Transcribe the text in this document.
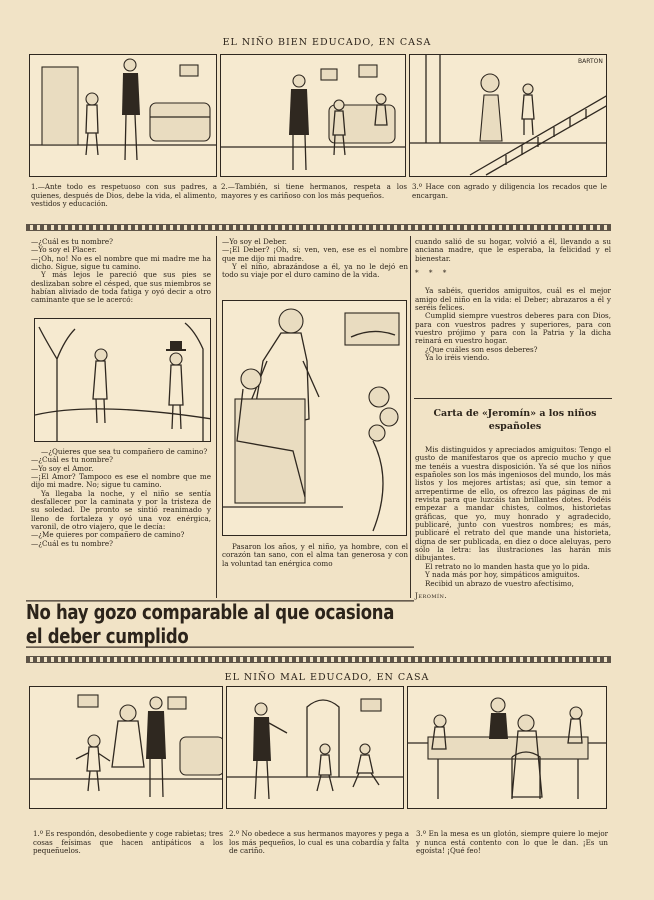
EL NIÑO BIEN EDUCADO, EN CASA
BARTON
1.—Ante todo es respetuoso con sus padres, a quienes, después de Dios, debe la vida, el alimento, vestidos y educación.
2.—También, si tiene hermanos, respeta a los mayores y es cariñoso con los más pequeños.
3.º Hace con agrado y diligencia los recados que le encargan.

—¿Cuál es tu nombre?

—Yo soy el Placer.

—¡Oh, no! No es el nombre que mi madre me ha dicho. Sigue, sigue tu camino.

Y más lejos le pareció que sus pies se deslizaban sobre el césped, que sus miembros se habían aliviado de toda fatiga y oyó decir a otro caminante que se le acercó:

—¿Quieres que sea tu compañero de camino?

—¿Cuál es tu nombre?

—Yo soy el Amor.

—¡El Amor? Tampoco es ese el nombre que me dijo mi madre. No; sigue tu camino.

Ya llegaba la noche, y el niño se sentía desfallecer por la caminata y por la tristeza de su soledad. De pronto se sintió reanimado y lleno de fortaleza y oyó una voz enérgica, varonil, de otro viajero, que le decía:

—¿Me quieres por compañero de camino?

—¿Cuál es tu nombre?

—Yo soy el Deber.

—¡El Deber? ¡Oh, sí; ven, ven, ese es el nombre que me dijo mi madre.

Y el niño, abrazándose a él, ya no le dejó en todo su viaje por el duro camino de la vida.

Pasaron los años, y el niño, ya hombre, con el corazón tan sano, con el alma tan generosa y con la voluntad tan enérgica como

cuando salió de su hogar, volvió a él, llevando a su anciana madre, que le esperaba, la felicidad y el bienestar.

* * *

Ya sabéis, queridos amiguitos, cuál es el mejor amigo del niño en la vida: el Deber; abrazaros a él y seréis felices.

Cumplid siempre vuestros deberes para con Dios, para con vuestros padres y superiores, para con vuestro prójimo y para con la Patria y la dicha reinará en vuestro hogar.

¿Que cuáles son esos deberes?

Ya lo iréis viendo.

Carta de «Jeromín» a los niños españoles

Mis distinguidos y apreciados amiguitos: Tengo el gusto de manifestaros que os aprecio mucho y que me tenéis a vuestra disposición. Ya sé que los niños españoles son los más ingeniosos del mundo, los más listos y los mejores artistas; así que, sin temor a arrepentirme de ello, os ofrezco las páginas de mi revista para que luzcáis tan brillantes dotes. Podéis empezar a mandar chistes, colmos, historietas gráficas, que yo, muy honrado y agradecido, publicaré, junto con vuestros nombres; es más, publicaré el retrato del que mande una historieta, digna de ser publicada, en diez o doce aleluyas, pero sólo la letra: las ilustraciones las harán mis dibujantes.

El retrato no lo manden hasta que yo lo pida.

Y nada más por hoy, simpáticos amiguitos.

Recibid un abrazo de vuestro afectísimo,

Jeromín.

No hay gozo comparable al que ocasiona el deber cumplido
EL NIÑO MAL EDUCADO, EN CASA
1.º Es respondón, desobediente y coge rabietas; tres cosas feísimas que hacen antipáticos a los pequeñuelos.
2.º No obedece a sus hermanos mayores y pega a los más pequeños, lo cual es una cobardía y falta de cariño.
3.º En la mesa es un glotón, siempre quiere lo mejor y nunca está contento con lo que le dan. ¡Es un egoísta! ¡Qué feo!
